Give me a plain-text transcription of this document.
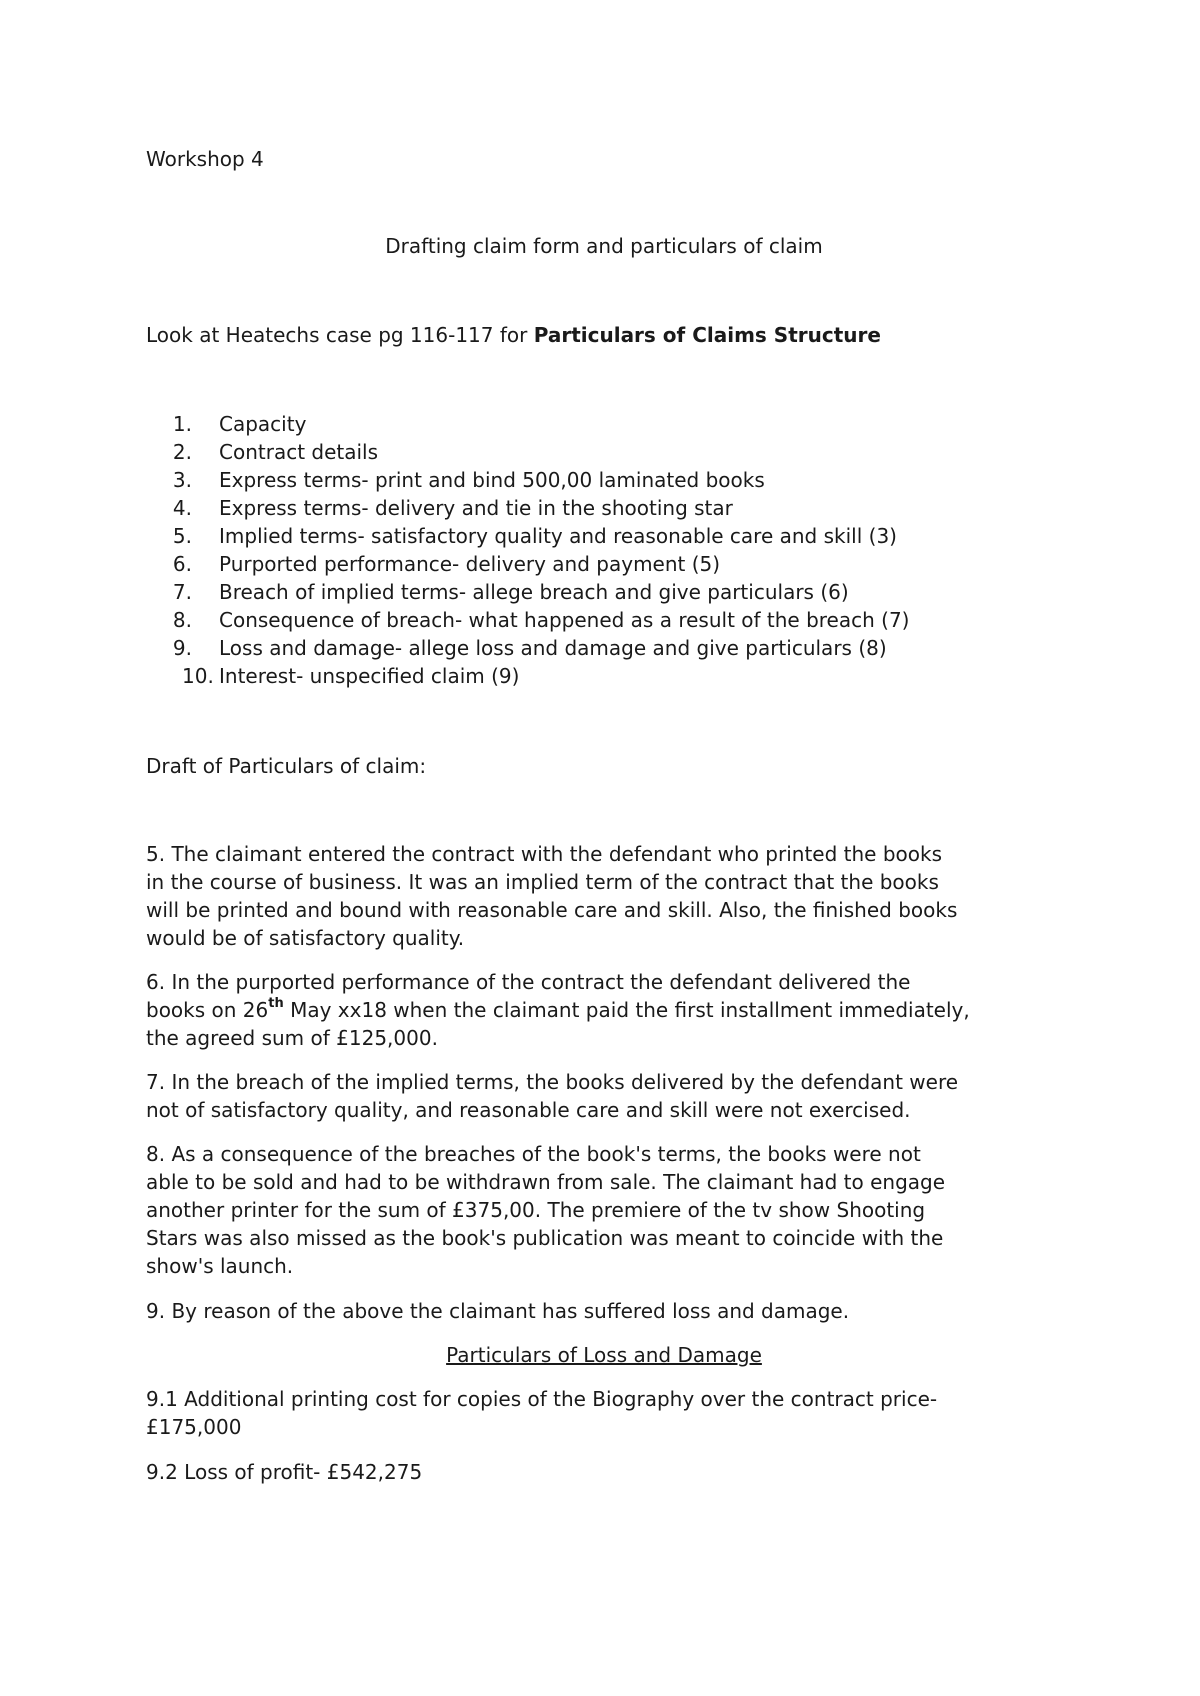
Workshop 4
Drafting claim form and particulars of claim
Look at Heatechs case pg 116-117 for Particulars of Claims Structure
1. Capacity
2. Contract details
3. Express terms- print and bind 500,00 laminated books
4. Express terms- delivery and tie in the shooting star
5. Implied terms- satisfactory quality and reasonable care and skill (3)
6. Purported performance- delivery and payment (5)
7. Breach of implied terms- allege breach and give particulars (6)
8. Consequence of breach- what happened as a result of the breach (7)
9. Loss and damage- allege loss and damage and give particulars (8)
10. Interest- unspecified claim (9)
Draft of Particulars of claim:
5. The claimant entered the contract with the defendant who printed the books
in the course of business. It was an implied term of the contract that the books
will be printed and bound with reasonable care and skill. Also, the finished books
would be of satisfactory quality.
6. In the purported performance of the contract the defendant delivered the
books on 26th May xx18 when the claimant paid the first installment immediately,
the agreed sum of £125,000.
7. In the breach of the implied terms, the books delivered by the defendant were
not of satisfactory quality, and reasonable care and skill were not exercised.
8. As a consequence of the breaches of the book's terms, the books were not
able to be sold and had to be withdrawn from sale. The claimant had to engage
another printer for the sum of £375,00. The premiere of the tv show Shooting
Stars was also missed as the book's publication was meant to coincide with the
show's launch.
9. By reason of the above the claimant has suffered loss and damage.
Particulars of Loss and Damage
9.1 Additional printing cost for copies of the Biography over the contract price-
£175,000
9.2 Loss of profit- £542,275
